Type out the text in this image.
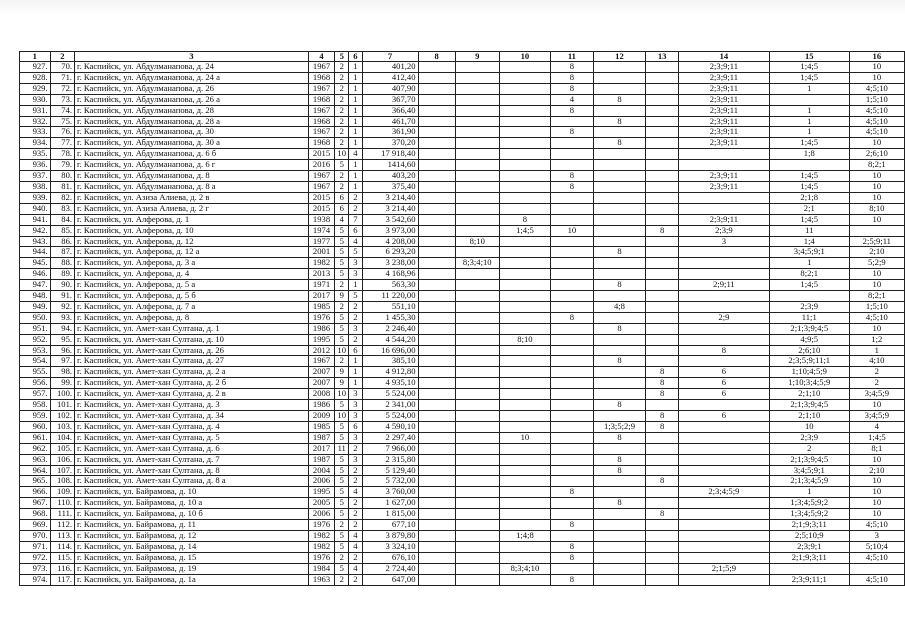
1	2	3	4	5	6	7	8	9	10	11	12	13	14	15	16
927.	70.	г. Каспийск, ул. Абдулманапова, д. 24	1967	2	1	401,20				8			2;3;9;11	1;4;5	10
928.	71.	г. Каспийск, ул. Абдулманапова, д. 24 а	1968	2	1	412,40				8			2;3;9;11	1;4;5	10
929.	72.	г. Каспийск, ул. Абдулманапова, д. 26	1967	2	1	407,90				8			2;3;9;11	1	4;5;10
930.	73.	г. Каспийск, ул. Абдулманапова, д. 26 а	1968	2	1	367,70				4	8		2;3;9;11		1;5;10
931.	74.	г. Каспийск, ул. Абдулманапова, д. 28	1967	2	1	366,40				8			2;3;9;11	1	4;5;10
932.	75.	г. Каспийск, ул. Абдулманапова, д. 28 а	1968	2	1	461,70					8		2;3;9;11	1	4;5;10
933.	76.	г. Каспийск, ул. Абдулманапова, д. 30	1967	2	1	361,90				8			2;3;9;11	1	4;5;10
934.	77.	г. Каспийск, ул. Абдулманапова, д. 30 а	1968	2	1	370,20					8		2;3;9;11	1;4;5	10
935.	78.	г. Каспийск, ул. Абдулманапова, д. 6 б	2015	10	4	17 918,40								1;8	2;6;10
936.	79.	г. Каспийск, ул. Абдулманапова, д. 6 г	2016	5	1	1414,60									8;2;1
937.	80.	г. Каспийск, ул. Абдулманапова, д. 8	1967	2	1	403,20				8			2;3;9;11	1;4;5	10
938.	81.	г. Каспийск, ул. Абдулманапова, д. 8 а	1967	2	1	375,40				8			2;3;9;11	1;4;5	10
939.	82.	г. Каспийск, ул. Азиза Алиева, д. 2 в	2015	6	2	3 214,40								2;1;8	10
940.	83.	г. Каспийск, ул. Азиза Алиева, д. 2 г	2015	6	2	3 214,40								2;1	8;10
941.	84.	г. Каспийск, ул. Алферова, д. 1	1938	4	7	3 542,60			8				2;3;9;11	1;4;5	10
942.	85.	г. Каспийск, ул. Алферова, д. 10	1974	5	6	3 973,00			1;4;5	10		8	2;3;9	11	
943.	86.	г. Каспийск, ул. Алферова, д. 12	1977	5	4	4 208,00		8;10					3	1;4	2;5;9;11
944.	87.	г. Каспийск, ул. Алферова, д. 12 а	2001	5	5	6 293,20					8			3;4;5;9;1	2;10
945.	88.	г. Каспийск, ул. Алферова, д. 3 а	1982	5	3	3 238,00		8;3;4;10						1	5;2;9
946.	89.	г. Каспийск, ул. Алферова, д. 4	2013	5	3	4 168,96								8;2;1	10
947.	90.	г. Каспийск, ул. Алферова, д. 5 а	1971	2	1	563,30					8		2;9;11	1;4;5	10
948.	91.	г. Каспийск, ул. Алферова, д. 5 б	2017	9	5	11 220,00									8;2;1
949.	92.	г. Каспийск, ул. Алферова, д. 7 а	1985	2	2	551,10					4;8			2;3;9	1;5;10
950.	93.	г. Каспийск, ул. Алферова, д. 8	1976	5	2	1 455,30				8			2;9	11;1	4;5;10
951.	94.	г. Каспийск, ул. Амет-хан Султана, д. 1	1986	5	3	2 246,40					8			2;1;3;9;4;5	10
952.	95.	г. Каспийск, ул. Амет-хан Султана, д. 10	1995	5	2	4 544,20			8;10					4;9;5	1;2
953.	96.	г. Каспийск, ул. Амет-хан Султана, д. 26	2012	10	6	16 696,00							8	2;6;10	1
954.	97.	г. Каспийск, ул. Амет-хан Султана, д. 27	1967	2	1	385,10					8			2;3;5;9;11;1	4;10
955.	98.	г. Каспийск, ул. Амет-хан Султана, д. 2 а	2007	9	1	4 912,80						8	6	1;10;4;5;9	2
956.	99.	г. Каспийск, ул. Амет-хан Султана, д. 2 б	2007	9	1	4 935,10						8	6	1;10;3;4;5;9	2
957.	100.	г. Каспийск, ул. Амет-хан Султана, д. 2 в	2008	10	3	5 524,00						8	6	2;1;10	3;4;5;9
958.	101.	г. Каспийск, ул. Амет-хан Султана, д. 3	1986	5	3	2 341,00					8			2;1;3;9;4;5	10
959.	102.	г. Каспийск, ул. Амет-хан Султана, д. 34	2009	10	3	5 524,00						8	6	2;1;10	3;4;5;9
960.	103.	г. Каспийск, ул. Амет-хан Султана, д. 4	1985	5	6	4 590,10					1;3;5;2;9	8		10	4
961.	104.	г. Каспийск, ул. Амет-хан Султана, д. 5	1987	5	3	2 297,40			10		8			2;3;9	1;4;5
962.	105.	г. Каспийск, ул. Амет-хан Султана, д. 6	2017	11	2	7 966,00								2	8;1
963.	106.	г. Каспийск, ул. Амет-хан Султана, д. 7	1987	5	3	2 315,80					8			2;1;3;9;4;5	10
964.	107.	г. Каспийск, ул. Амет-хан Султана, д. 8	2004	5	2	5 129,40					8			3;4;5;9;1	2;10
965.	108.	г. Каспийск, ул. Амет-хан Султана, д. 8 а	2006	5	2	5 732,00						8		2;1;3;4;5;9	10
966.	109.	г. Каспийск, ул. Байрамова, д. 10	1995	5	4	3 760,00				8			2;3;4;5;9	1	10
967.	110.	г. Каспийск, ул. Байрамова, д. 10 а	2005	5	2	1 627,00					8			1;3;4;5;9;2	10
968.	111.	г. Каспийск, ул. Байрамова, д. 10 б	2006	5	2	1 815,00						8		1;3;4;5;9;2	10
969.	112.	г. Каспийск, ул. Байрамова, д. 11	1976	2	2	677,10				8				2;1;9;3;11	4;5;10
970.	113.	г. Каспийск, ул. Байрамова, д. 12	1982	5	4	3 879,80			1;4;8					2;5;10;9	3
971.	114.	г. Каспийск, ул. Байрамова, д. 14	1982	5	4	3 324,10				8				2;3;9;1	5;10;4
972.	115.	г. Каспийск, ул. Байрамова, д. 15	1976	2	2	676,10				8				2;1;9;3;11	4;5;10
973.	116.	г. Каспийск, ул. Байрамова, д. 19	1984	5	4	2 724,40			8;3;4;10				2;1;5;9		
974.	117.	г. Каспийск, ул. Байрамова, д. 1а	1963	2	2	647,00				8				2;3;9;11;1	4;5;10
